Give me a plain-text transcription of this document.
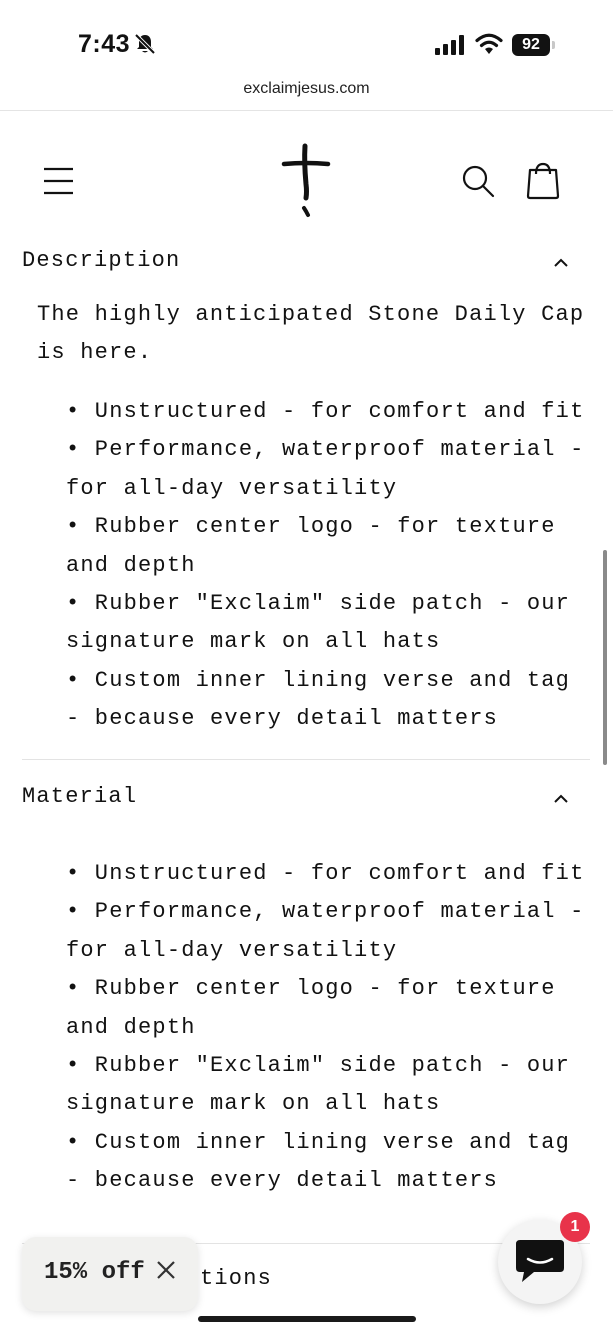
7:43	92
exclaimjesus.com
Description
The highly anticipated Stone Daily Cap is here.
• Unstructured - for comfort and fit
• Performance, waterproof material - for all-day versatility
• Rubber center logo - for texture and depth
• Rubber "Exclaim" side patch - our signature mark on all hats
• Custom inner lining verse and tag - because every detail matters
Material
• Unstructured - for comfort and fit
• Performance, waterproof material - for all-day versatility
• Rubber center logo - for texture and depth
• Rubber "Exclaim" side patch - our signature mark on all hats
• Custom inner lining verse and tag - because every detail matters
tions
15% off
1
